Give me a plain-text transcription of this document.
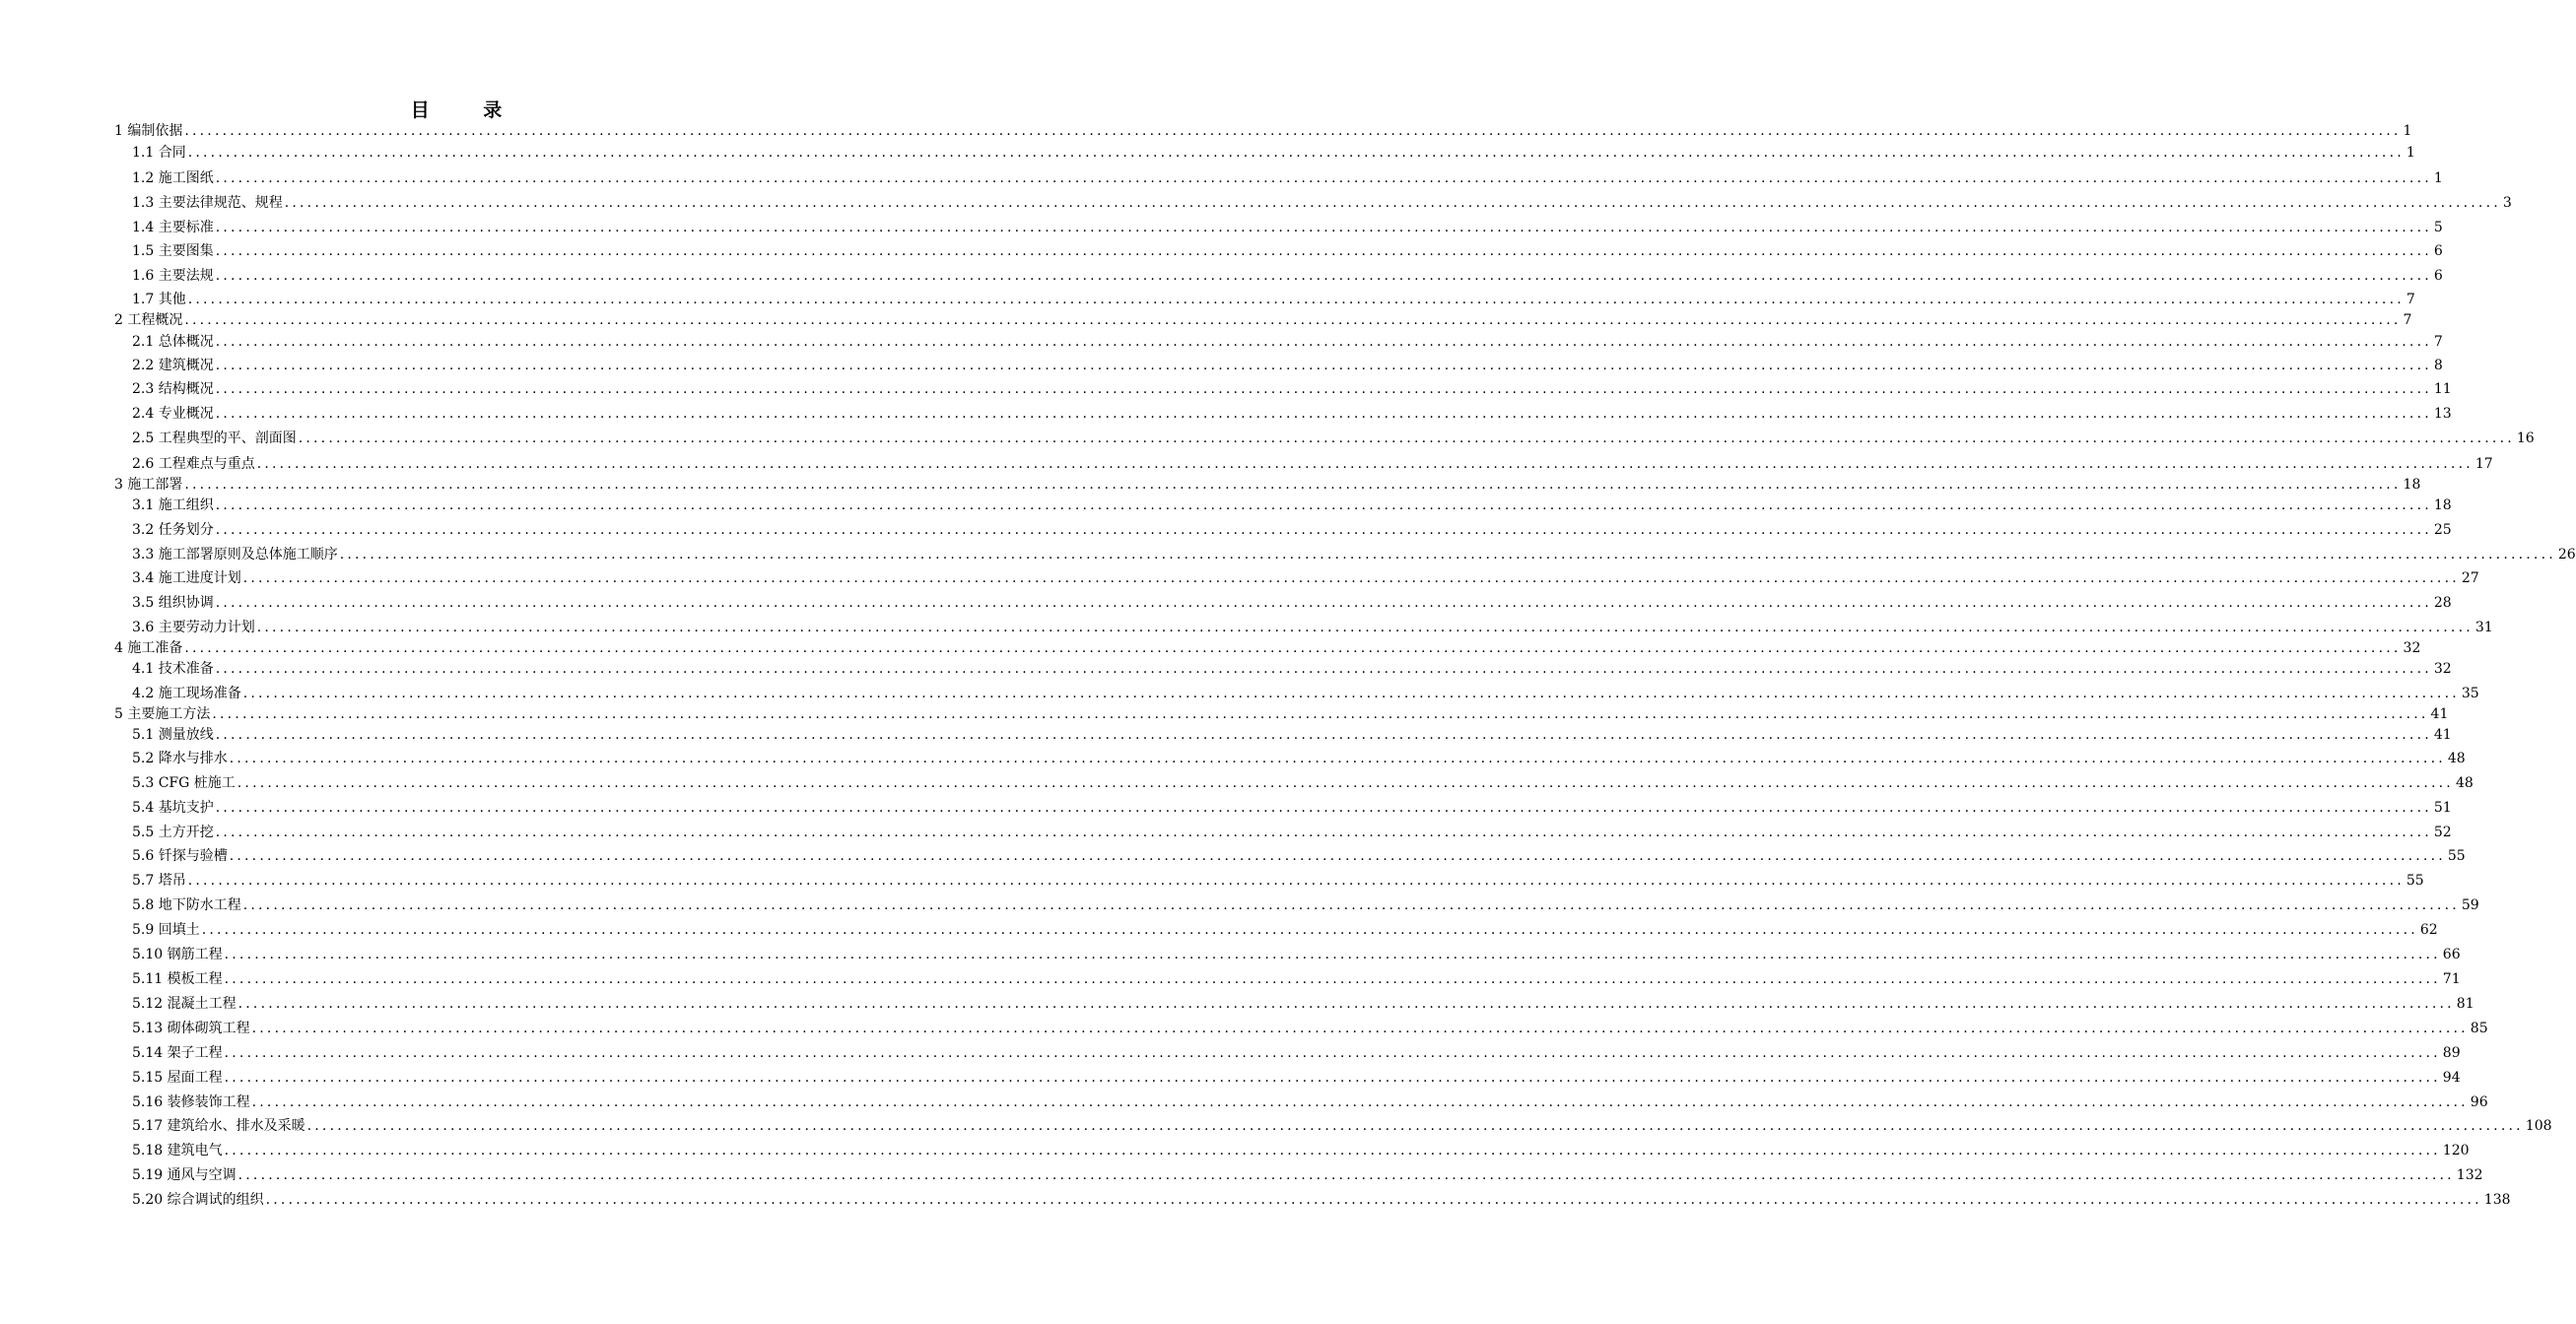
目 录
1 编制依据 ...................................................................................................................................................................................................................................................................................................... 1
1.1 合同 ...................................................................................................................................................................................................................................................................................................... 1
1.2 施工图纸 ...................................................................................................................................................................................................................................................................................................... 1
1.3 主要法律规范、规程 ...................................................................................................................................................................................................................................................................................................... 3
1.4 主要标准 ...................................................................................................................................................................................................................................................................................................... 5
1.5 主要图集 ...................................................................................................................................................................................................................................................................................................... 6
1.6 主要法规 ...................................................................................................................................................................................................................................................................................................... 6
1.7 其他 ...................................................................................................................................................................................................................................................................................................... 7
2 工程概况 ...................................................................................................................................................................................................................................................................................................... 7
2.1 总体概况 ...................................................................................................................................................................................................................................................................................................... 7
2.2 建筑概况 ...................................................................................................................................................................................................................................................................................................... 8
2.3 结构概况 ...................................................................................................................................................................................................................................................................................................... 11
2.4 专业概况 ...................................................................................................................................................................................................................................................................................................... 13
2.5 工程典型的平、剖面图 ...................................................................................................................................................................................................................................................................................................... 16
2.6 工程难点与重点 ...................................................................................................................................................................................................................................................................................................... 17
3 施工部署 ...................................................................................................................................................................................................................................................................................................... 18
3.1 施工组织 ...................................................................................................................................................................................................................................................................................................... 18
3.2 任务划分 ...................................................................................................................................................................................................................................................................................................... 25
3.3 施工部署原则及总体施工顺序 ...................................................................................................................................................................................................................................................................................................... 26
3.4 施工进度计划 ...................................................................................................................................................................................................................................................................................................... 27
3.5 组织协调 ...................................................................................................................................................................................................................................................................................................... 28
3.6 主要劳动力计划 ...................................................................................................................................................................................................................................................................................................... 31
4 施工准备 ...................................................................................................................................................................................................................................................................................................... 32
4.1 技术准备 ...................................................................................................................................................................................................................................................................................................... 32
4.2 施工现场准备 ...................................................................................................................................................................................................................................................................................................... 35
5 主要施工方法 ...................................................................................................................................................................................................................................................................................................... 41
5.1 测量放线 ...................................................................................................................................................................................................................................................................................................... 41
5.2 降水与排水 ...................................................................................................................................................................................................................................................................................................... 48
5.3 CFG 桩施工 ...................................................................................................................................................................................................................................................................................................... 48
5.4 基坑支护 ...................................................................................................................................................................................................................................................................................................... 51
5.5 土方开挖 ...................................................................................................................................................................................................................................................................................................... 52
5.6 钎探与验槽 ...................................................................................................................................................................................................................................................................................................... 55
5.7 塔吊 ...................................................................................................................................................................................................................................................................................................... 55
5.8 地下防水工程 ...................................................................................................................................................................................................................................................................................................... 59
5.9 回填土 ...................................................................................................................................................................................................................................................................................................... 62
5.10 钢筋工程 ...................................................................................................................................................................................................................................................................................................... 66
5.11 模板工程 ...................................................................................................................................................................................................................................................................................................... 71
5.12 混凝土工程 ...................................................................................................................................................................................................................................................................................................... 81
5.13 砌体砌筑工程 ...................................................................................................................................................................................................................................................................................................... 85
5.14 架子工程 ...................................................................................................................................................................................................................................................................................................... 89
5.15 屋面工程 ...................................................................................................................................................................................................................................................................................................... 94
5.16 装修装饰工程 ...................................................................................................................................................................................................................................................................................................... 96
5.17 建筑给水、排水及采暖 ...................................................................................................................................................................................................................................................................................................... 108
5.18 建筑电气 ...................................................................................................................................................................................................................................................................................................... 120
5.19 通风与空调 ...................................................................................................................................................................................................................................................................................................... 132
5.20 综合调试的组织 ...................................................................................................................................................................................................................................................................................................... 138
